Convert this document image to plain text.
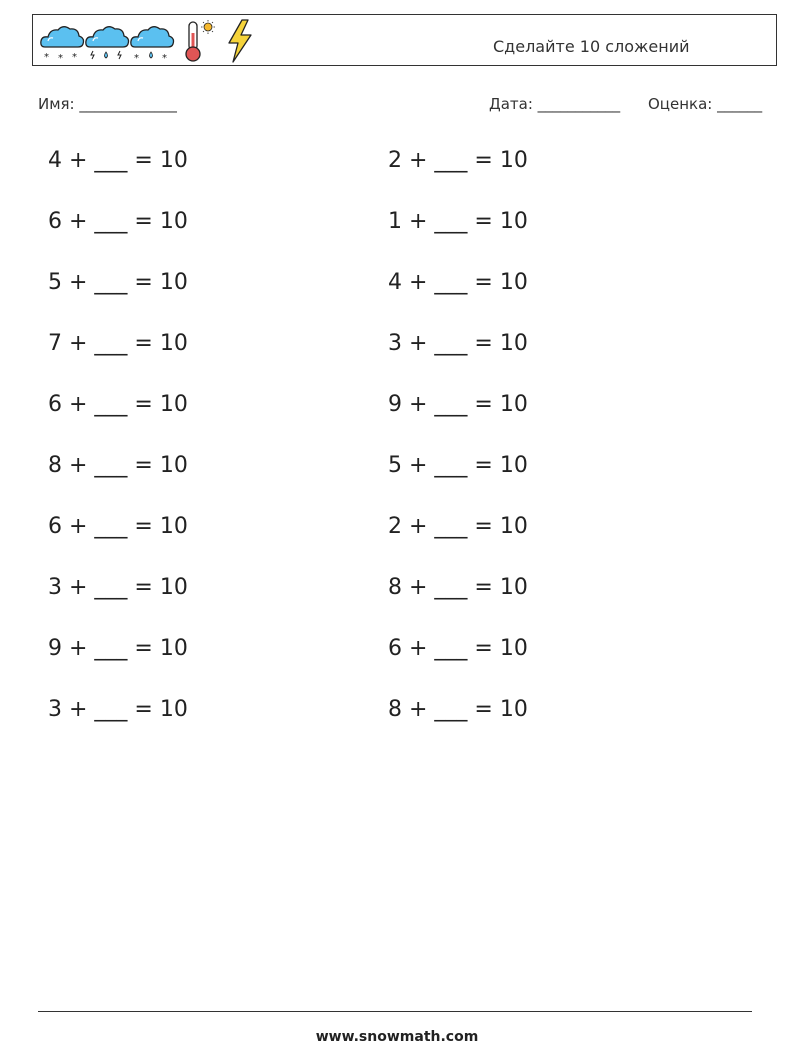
* * *	* *
Сделайте 10 сложений
Имя: _____________	Дата: ___________ Оценка: ______
4 + ___ = 10
6 + ___ = 10
5 + ___ = 10
7 + ___ = 10
6 + ___ = 10
8 + ___ = 10
6 + ___ = 10
3 + ___ = 10
9 + ___ = 10
3 + ___ = 10
2 + ___ = 10
1 + ___ = 10
4 + ___ = 10
3 + ___ = 10
9 + ___ = 10
5 + ___ = 10
2 + ___ = 10
8 + ___ = 10
6 + ___ = 10
8 + ___ = 10
www.snowmath.com
